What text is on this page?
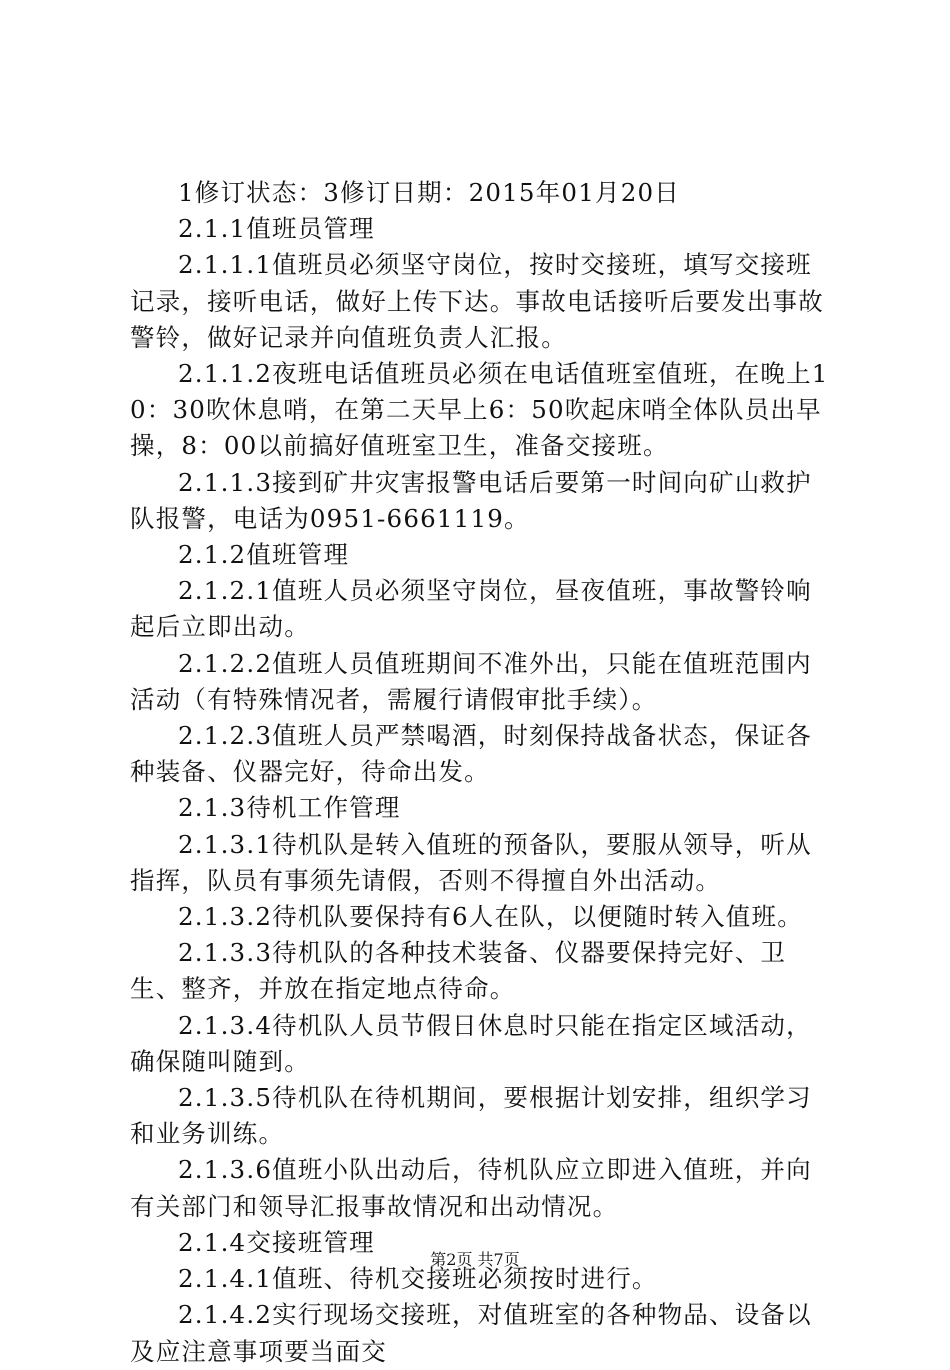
1修订状态：3修订日期：2015年01月20日

2.1.1值班员管理

2.1.1.1值班员必须坚守岗位，按时交接班，填写交接班记录，接听电话，做好上传下达。事故电话接听后要发出事故警铃，做好记录并向值班负责人汇报。

2.1.1.2夜班电话值班员必须在电话值班室值班，在晚上10：30吹休息哨，在第二天早上6：50吹起床哨全体队员出早操，8：00以前搞好值班室卫生，准备交接班。

2.1.1.3接到矿井灾害报警电话后要第一时间向矿山救护队报警，电话为0951-6661119。

2.1.2值班管理

2.1.2.1值班人员必须坚守岗位，昼夜值班，事故警铃响起后立即出动。

2.1.2.2值班人员值班期间不准外出，只能在值班范围内活动（有特殊情况者，需履行请假审批手续）。

2.1.2.3值班人员严禁喝酒，时刻保持战备状态，保证各种装备、仪器完好，待命出发。

2.1.3待机工作管理

2.1.3.1待机队是转入值班的预备队，要服从领导，听从指挥，队员有事须先请假，否则不得擅自外出活动。

2.1.3.2待机队要保持有6人在队，以便随时转入值班。

2.1.3.3待机队的各种技术装备、仪器要保持完好、卫生、整齐，并放在指定地点待命。

2.1.3.4待机队人员节假日休息时只能在指定区域活动，确保随叫随到。

2.1.3.5待机队在待机期间，要根据计划安排，组织学习和业务训练。

2.1.3.6值班小队出动后，待机队应立即进入值班，并向有关部门和领导汇报事故情况和出动情况。

2.1.4交接班管理

2.1.4.1值班、待机交接班必须按时进行。

2.1.4.2实行现场交接班，对值班室的各种物品、设备以及应注意事项要当面交

第2页 共7页
